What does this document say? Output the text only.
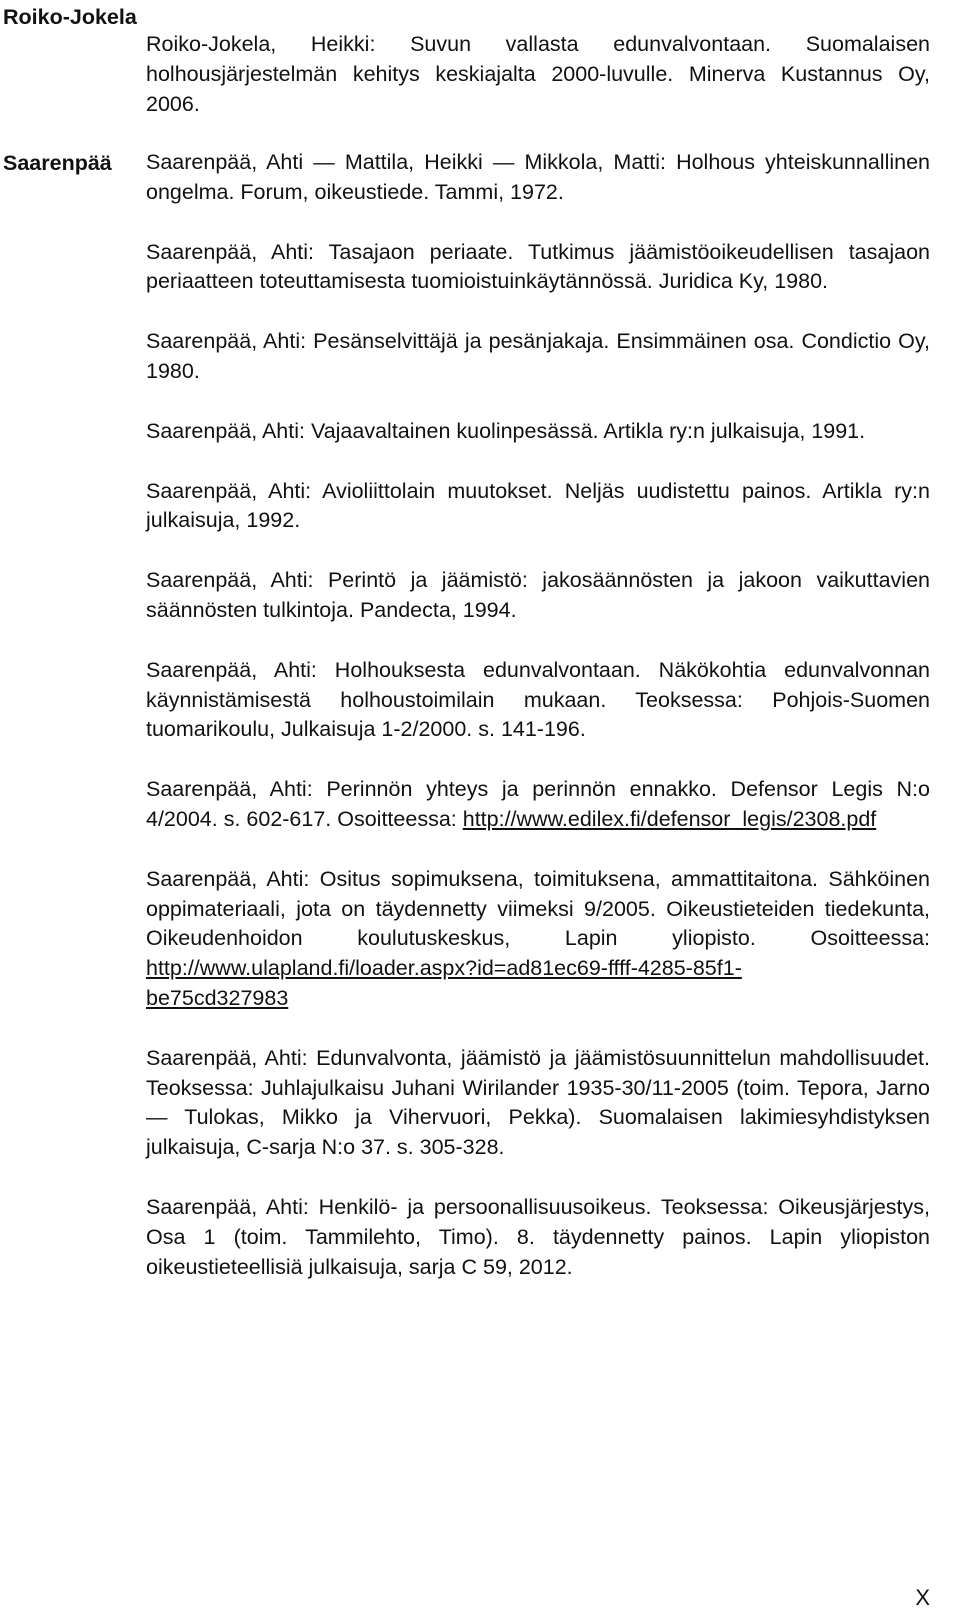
Roiko-Jokela

Roiko-Jokela, Heikki: Suvun vallasta edunvalvontaan. Suomalaisen holhousjärjestelmän kehitys keskiajalta 2000-luvulle. Minerva Kustannus Oy, 2006.

Saarenpää Saarenpää, Ahti — Mattila, Heikki — Mikkola, Matti: Holhous yhteiskunnallinen ongelma. Forum, oikeustiede. Tammi, 1972.

Saarenpää, Ahti: Tasajaon periaate. Tutkimus jäämistöoikeudellisen tasajaon periaatteen toteuttamisesta tuomioistuinkäytännössä. Juridica Ky, 1980.

Saarenpää, Ahti: Pesänselvittäjä ja pesänjakaja. Ensimmäinen osa. Condictio Oy, 1980.

Saarenpää, Ahti: Vajaavaltainen kuolinpesässä. Artikla ry:n julkaisuja, 1991.

Saarenpää, Ahti: Avioliittolain muutokset. Neljäs uudistettu painos. Artikla ry:n julkaisuja, 1992.

Saarenpää, Ahti: Perintö ja jäämistö: jakosäännösten ja jakoon vaikuttavien säännösten tulkintoja. Pandecta, 1994.

Saarenpää, Ahti: Holhouksesta edunvalvontaan. Näkökohtia edunvalvonnan käynnistämisestä holhoustoimilain mukaan. Teoksessa: Pohjois-Suomen tuomarikoulu, Julkaisuja 1-2/2000. s. 141-196.

Saarenpää, Ahti: Perinnön yhteys ja perinnön ennakko. Defensor Legis N:o 4/2004. s. 602-617. Osoitteessa: http://www.edilex.fi/defensor_legis/2308.pdf

Saarenpää, Ahti: Ositus sopimuksena, toimituksena, ammattitaitona. Sähköinen oppimateriaali, jota on täydennetty viimeksi 9/2005. Oikeustieteiden tiedekunta, Oikeudenhoidon koulutuskeskus, Lapin yliopisto. Osoitteessa: http://www.ulapland.fi/loader.aspx?id=ad81ec69-ffff-4285-85f1-
be75cd327983

Saarenpää, Ahti: Edunvalvonta, jäämistö ja jäämistösuunnittelun mahdollisuudet. Teoksessa: Juhlajulkaisu Juhani Wirilander 1935-30/11-2005 (toim. Tepora, Jarno — Tulokas, Mikko ja Vihervuori, Pekka). Suomalaisen lakimiesyhdistyksen julkaisuja, C-sarja N:o 37. s. 305-328.

Saarenpää, Ahti: Henkilö- ja persoonallisuusoikeus. Teoksessa: Oikeusjärjestys, Osa 1 (toim. Tammilehto, Timo). 8. täydennetty painos. Lapin yliopiston oikeustieteellisiä julkaisuja, sarja C 59, 2012.

X
